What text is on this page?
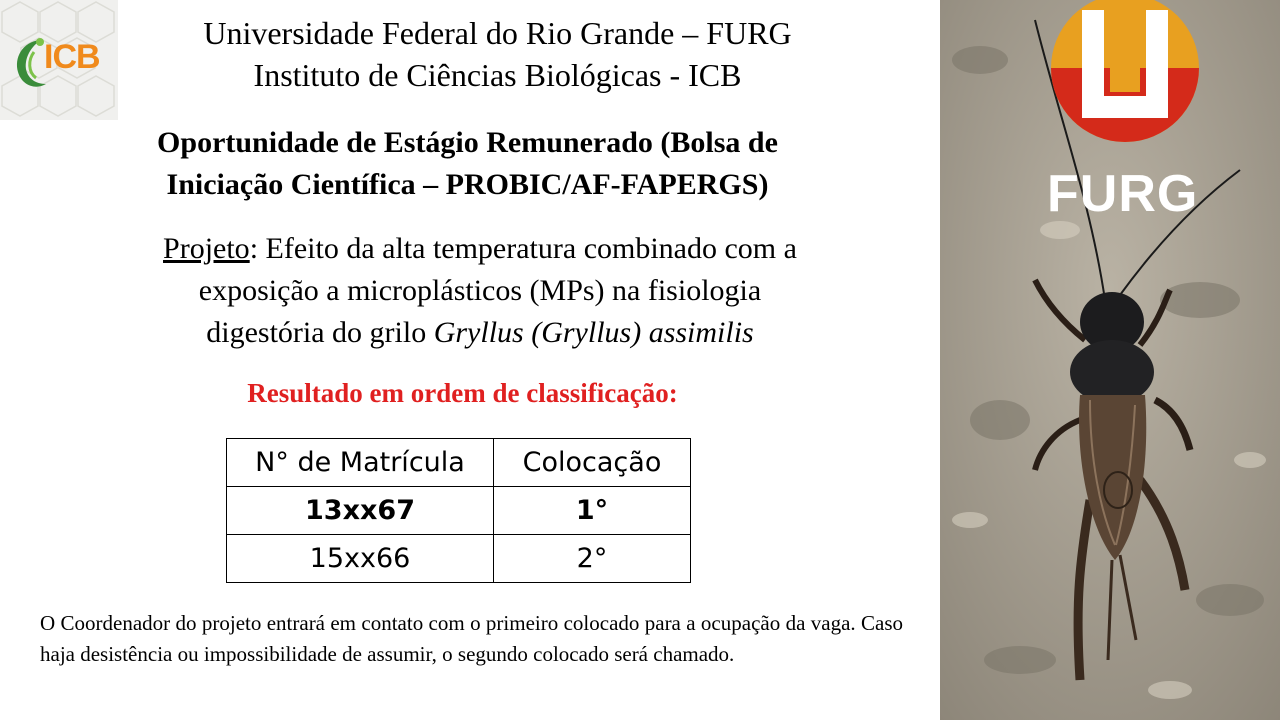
ICB
Universidade Federal do Rio Grande – FURG
Instituto de Ciências Biológicas - ICB
Oportunidade de Estágio Remunerado (Bolsa de
Iniciação Científica – PROBIC/AF-FAPERGS)
Projeto: Efeito da alta temperatura combinado com a
exposição a microplásticos (MPs) na fisiologia
digestória do grilo Gryllus (Gryllus) assimilis
Resultado em ordem de classificação:
N° de Matrícula	Colocação
13xx67	1°
15xx66	2°
O Coordenador do projeto entrará em contato com o primeiro colocado para a ocupação da vaga. Caso haja desistência ou impossibilidade de assumir, o segundo colocado será chamado.
FURG
